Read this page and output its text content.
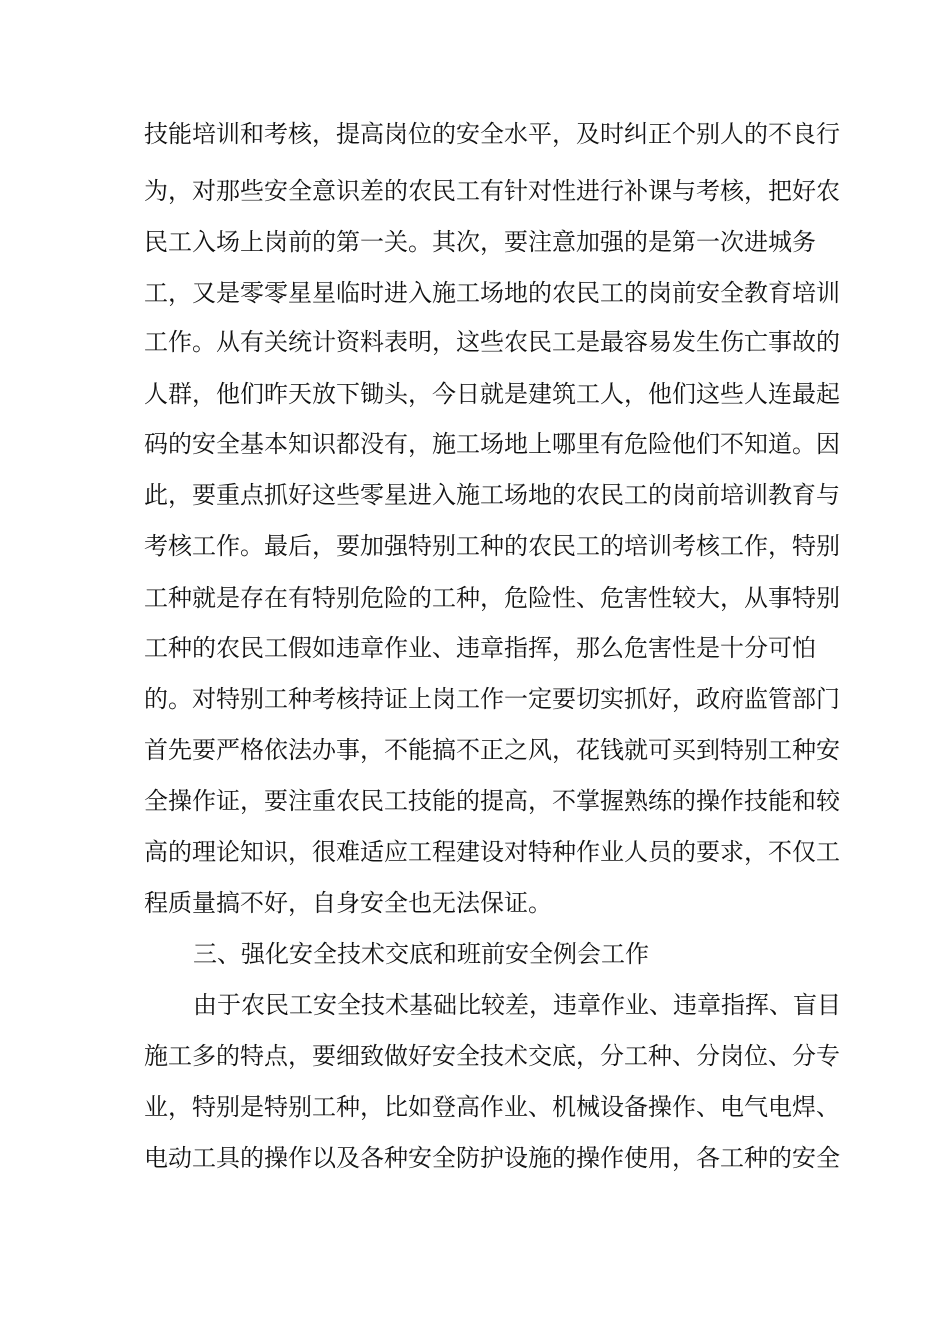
技能培训和考核，提高岗位的安全水平，及时纠正个别人的不良行
为，对那些安全意识差的农民工有针对性进行补课与考核，把好农
民工入场上岗前的第一关。其次，要注意加强的是第一次进城务
工，又是零零星星临时进入施工场地的农民工的岗前安全教育培训
工作。从有关统计资料表明，这些农民工是最容易发生伤亡事故的
人群，他们昨天放下锄头，今日就是建筑工人，他们这些人连最起
码的安全基本知识都没有，施工场地上哪里有危险他们不知道。因
此，要重点抓好这些零星进入施工场地的农民工的岗前培训教育与
考核工作。最后，要加强特别工种的农民工的培训考核工作，特别
工种就是存在有特别危险的工种，危险性、危害性较大，从事特别
工种的农民工假如违章作业、违章指挥，那么危害性是十分可怕
的。对特别工种考核持证上岗工作一定要切实抓好，政府监管部门
首先要严格依法办事，不能搞不正之风，花钱就可买到特别工种安
全操作证，要注重农民工技能的提高，不掌握熟练的操作技能和较
高的理论知识，很难适应工程建设对特种作业人员的要求，不仅工
程质量搞不好，自身安全也无法保证。
三、强化安全技术交底和班前安全例会工作
由于农民工安全技术基础比较差，违章作业、违章指挥、盲目
施工多的特点，要细致做好安全技术交底，分工种、分岗位、分专
业，特别是特别工种，比如登高作业、机械设备操作、电气电焊、
电动工具的操作以及各种安全防护设施的操作使用，各工种的安全
